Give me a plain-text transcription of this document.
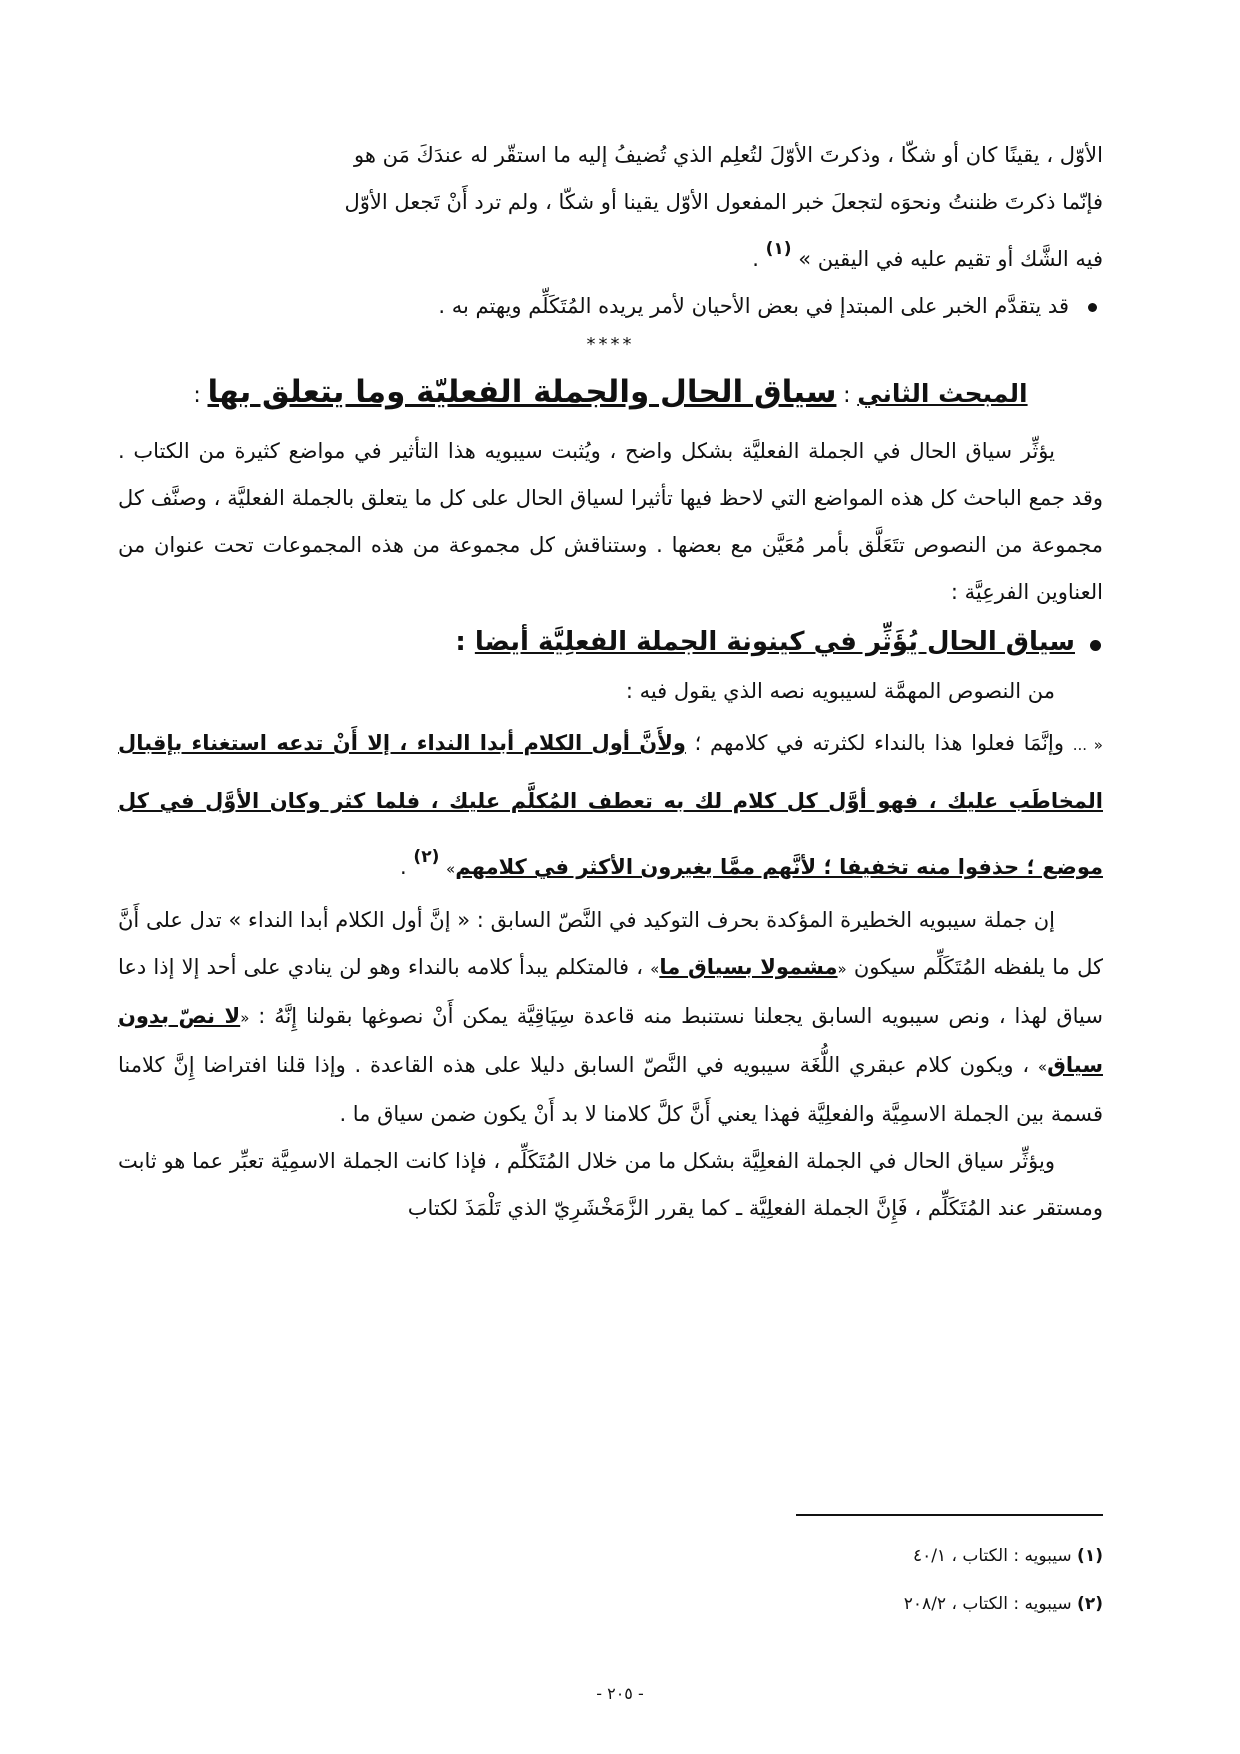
الأوّل ، يقينًا كان أو شكّا ، وذكرتَ الأوّلَ لتُعلِم الذي تُضيفُ إليه ما استقّر له عندَكَ مَن هو

فإنّما ذكرتَ ظننتُ ونحوَه لتجعلَ خبر المفعول الأوّل يقينا أو شكّا ، ولم ترد أَنْ تَجعل الأوّل

فيه الشَّك أو تقيم عليه في اليقين » $^{(١)}$ .

قد يتقدَّم الخبر على المبتدإ في بعض الأحيان لأمر يريده المُتَكَلِّم ويهتم به .

****

المبحث الثاني : سياق الحال والجملة الفعليّة وما يتعلق بها :

يؤثِّر سياق الحال في الجملة الفعليَّة بشكل واضح ، ويُثبت سيبويه هذا التأثير في مواضع كثيرة من الكتاب . وقد جمع الباحث كل هذه المواضع التي لاحظ فيها تأثيرا لسياق الحال على كل ما يتعلق بالجملة الفعليَّة ، وصنَّف كل مجموعة من النصوص تتَعَلَّق بأمر مُعَيَّن مع بعضها . وستناقش كل مجموعة من هذه المجموعات تحت عنوان من العناوين الفرعِيَّة :

سياق الحال يُؤَثِّر في كينونة الجملة الفعلِيَّة أيضا :

من النصوص المهمَّة لسيبويه نصه الذي يقول فيه :

« ... وإنَّمَا فعلوا هذا بالنداء لكثرته في كلامهم ؛ ولأَنَّ أول الكلام أبدا النداء ، إلا أَنْ تدعه استغناء بإقبال المخاطَب عليك ، فهو أوَّل كل كلام لك به تعطف المُكلَّم عليك ، فلما كثر وكان الأوَّل في كل موضع ؛ حذفوا منه تخفيفا ؛ لأنَّهم ممَّا يغيرون الأكثر في كلامهم» $^{(٢)}$ .

إن جملة سيبويه الخطيرة المؤكدة بحرف التوكيد في النَّصّ السابق : « إنَّ أول الكلام أبدا النداء » تدل على أَنَّ كل ما يلفظه المُتَكَلِّم سيكون «مشمولا بسياق ما» ، فالمتكلم يبدأ كلامه بالنداء وهو لن ينادي على أحد إلا إذا دعا سياق لهذا ، ونص سيبويه السابق يجعلنا نستنبط منه قاعدة سِيَاقِيَّة يمكن أَنْ نصوغها بقولنا إِنَّهُ : «لا نصّ بدون سياق» ، ويكون كلام عبقري اللُّغَة سيبويه في النَّصّ السابق دليلا على هذه القاعدة . وإذا قلنا افتراضا إِنَّ كلامنا قسمة بين الجملة الاسمِيَّة والفعلِيَّة فهذا يعني أَنَّ كلَّ كلامنا لا بد أَنْ يكون ضمن سياق ما .

ويؤثِّر سياق الحال في الجملة الفعلِيَّة بشكل ما من خلال المُتَكَلِّم ، فإذا كانت الجملة الاسمِيَّة تعبِّر عما هو ثابت ومستقر عند المُتَكَلِّم ، فَإِنَّ الجملة الفعلِيَّة ـ كما يقرر الزَّمَخْشَرِيّ الذي تَلْمَذَ لكتاب

(١) سيبويه : الكتاب ، ٤٠/١
(٢) سيبويه : الكتاب ، ٢٠٨/٢
- ٢٠٥ -
